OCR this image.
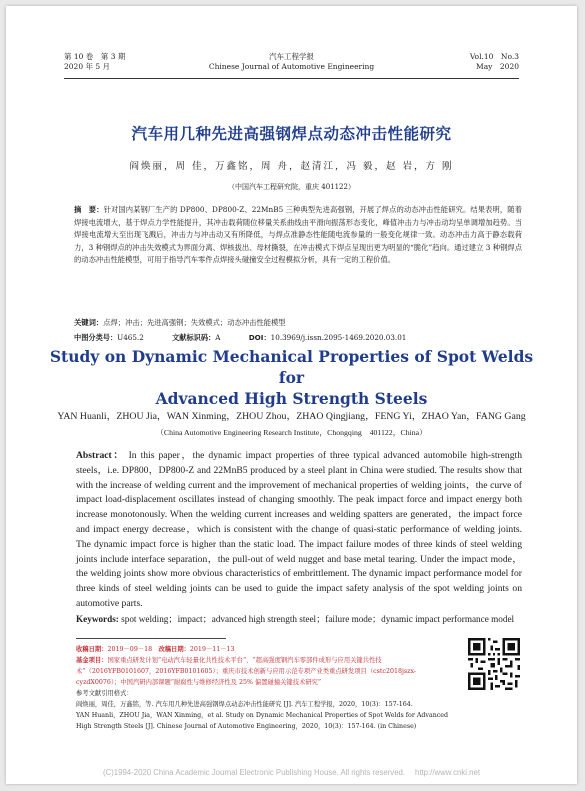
第 10 卷　第 3 期
2020 年 5 月
汽车工程学报
Chinese Journal of Automotive Engineering
Vol.10　No.3
May　2020
汽车用几种先进高强钢焊点动态冲击性能研究
阎焕丽，周 佳，万鑫铭，周 舟，赵清江，冯 毅，赵 岩，方 刚
（中国汽车工程研究院，重庆 401122）
摘　要：针对国内某钢厂生产的 DP800、DP800-Z、22MnB5 三种典型先进高强钢，开展了焊点的动态冲击性能研究。结果表明，随着焊接电流增大，基于焊点力学性能提升，其冲击载荷随位移量关系曲线由平滑向振荡形态变化，峰值冲击力与冲击动均呈单调增加趋势。当焊接电流增大至出现飞溅后，冲击力与冲击动又有所降低，与焊点准静态性能随电流参量的一般变化规律一致。动态冲击力高于静态载荷力，3 种钢焊点的冲击失效模式为界面分离、焊核拔出、母材撕裂，在冲击模式下焊点呈现出更为明显的“脆化”趋向。通过建立 3 种钢焊点的动态冲击性能模型，可用于指导汽车零件点焊接头碰撞安全过程模拟分析，具有一定的工程价值。
关键词：点焊；冲击；先进高强钢；失效模式；动态冲击性能模型
中图分类号：U465.2	文献标识码：A	DOI：10.3969/j.issn.2095-1469.2020.03.01
Study on Dynamic Mechanical Properties of Spot Welds for
Advanced High Strength Steels
YAN Huanli，ZHOU Jia，WAN Xinming，ZHOU Zhou，ZHAO Qingjiang，FENG Yi，ZHAO Yan，FANG Gang
（China Automotive Engineering Research Institute，Chongqing　401122，China）
Abstract： In this paper，the dynamic impact properties of three typical advanced automobile high-strength steels，i.e. DP800，DP800-Z and 22MnB5 produced by a steel plant in China were studied. The results show that with the increase of welding current and the improvement of mechanical properties of welding joints，the curve of impact load-displacement oscillates instead of changing smoothly. The peak impact force and impact energy both increase monotonously. When the welding current increases and welding spatters are generated，the impact force and impact energy decrease，which is consistent with the change of quasi-static performance of welding joints. The dynamic impact force is higher than the static load. The impact failure modes of three kinds of steel welding joints include interface separation，the pull-out of weld nugget and base metal tearing. Under the impact mode，the welding joints show more obvious characteristics of embrittlement. The dynamic impact performance model for three kinds of steel welding joints can be used to guide the impact safety analysis of the spot welding joints on automotive parts.
Keywords: spot welding；impact；advanced high strength steel；failure mode；dynamic impact performance model

收稿日期：2019－09－18　 改稿日期：2019－11－13

基金项目：国家重点研发计划“电动汽车轻量化共性技术平台”、“超高强度钢汽车零部件成形与应用关键共性技术”（2016YFB0101607，2016YFB0101605）；重庆市技术创新与应用示范专项产业类重点研发项目（cstc2018jszx-cyzdX0076）；中国汽研内部课题“耐腐性与维修经济性及 25% 偏置碰撞关键技术研究”

参考文献引用格式：

阎焕丽，周佳，万鑫铭，等. 汽车用几种先进高强钢焊点动态冲击性能研究 [J]. 汽车工程学报，2020，10(3)：157-164.

YAN Huanli，ZHOU Jia，WAN Xinming，et al. Study on Dynamic Mechanical Properties of Spot Welds for Advanced High Strength Steels [J]. Chinese Journal of Automotive Engineering，2020，10(3)：157-164. (in Chinese)

(C)1994-2020 China Academic Journal Electronic Publishing House. All rights reserved.　 http://www.cnki.net
